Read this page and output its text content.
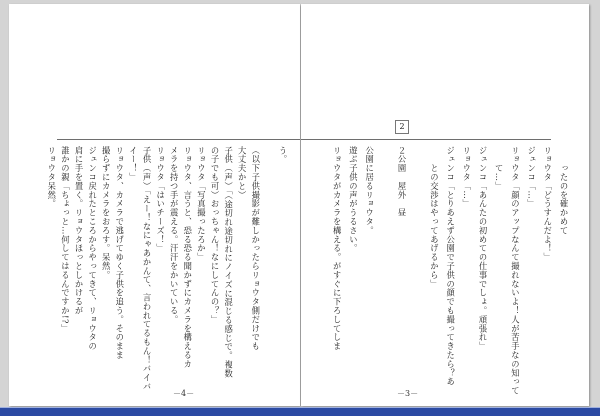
う。
（以下子供撮影が難しかったらリョウタ側だけでも
大丈夫かと）
子供（声）「（途切れ途切れにノイズに混じる感じで。複数
の子でも可）おっちゃん！なにしてんの？」
リョウタ「写真撮ったろか」
リョウタ、言うと、恐る恐る聞かずにカメラを構えるカ
メラを持つ手が震える。汗汗をかいている。
リョウタ「はいチーズ！」
子供（声）「えー！なにゃあかんて、言われてるもん！バイバ
イー！」
リョウタ、カメラで逃げてゆく子供を追う。そのまま
撮らずにカメラをおろす。呆然。
ジュンコ戻れたところからやってきて、リョウタの
肩に手を置く。リョウタほっとしかけるが
誰かの親「ちょっと…何してはるんですか!?」
リョウタ呆然。
－4－
2
　　ったのを確かめて
リョウタ「どうすんだよ！」
ジュンコ「…」
リョウタ「顔のアップなんて撮れないよ！人が苦手なの知って
　　て…」
ジュンコ「あんたの初めての仕事でしょ。頑張れ」
リョウタ「…」
ジュンコ「とりあえず公園で子供の顔でも撮ってきたら？あ
　　との交渉はやってあげるから」
２公園　屋外　昼
公園に居るリョウタ。
遊ぶ子供の声がうるさい。
リョウタがカメラを構える。がすぐに下ろしてしま
－3－
